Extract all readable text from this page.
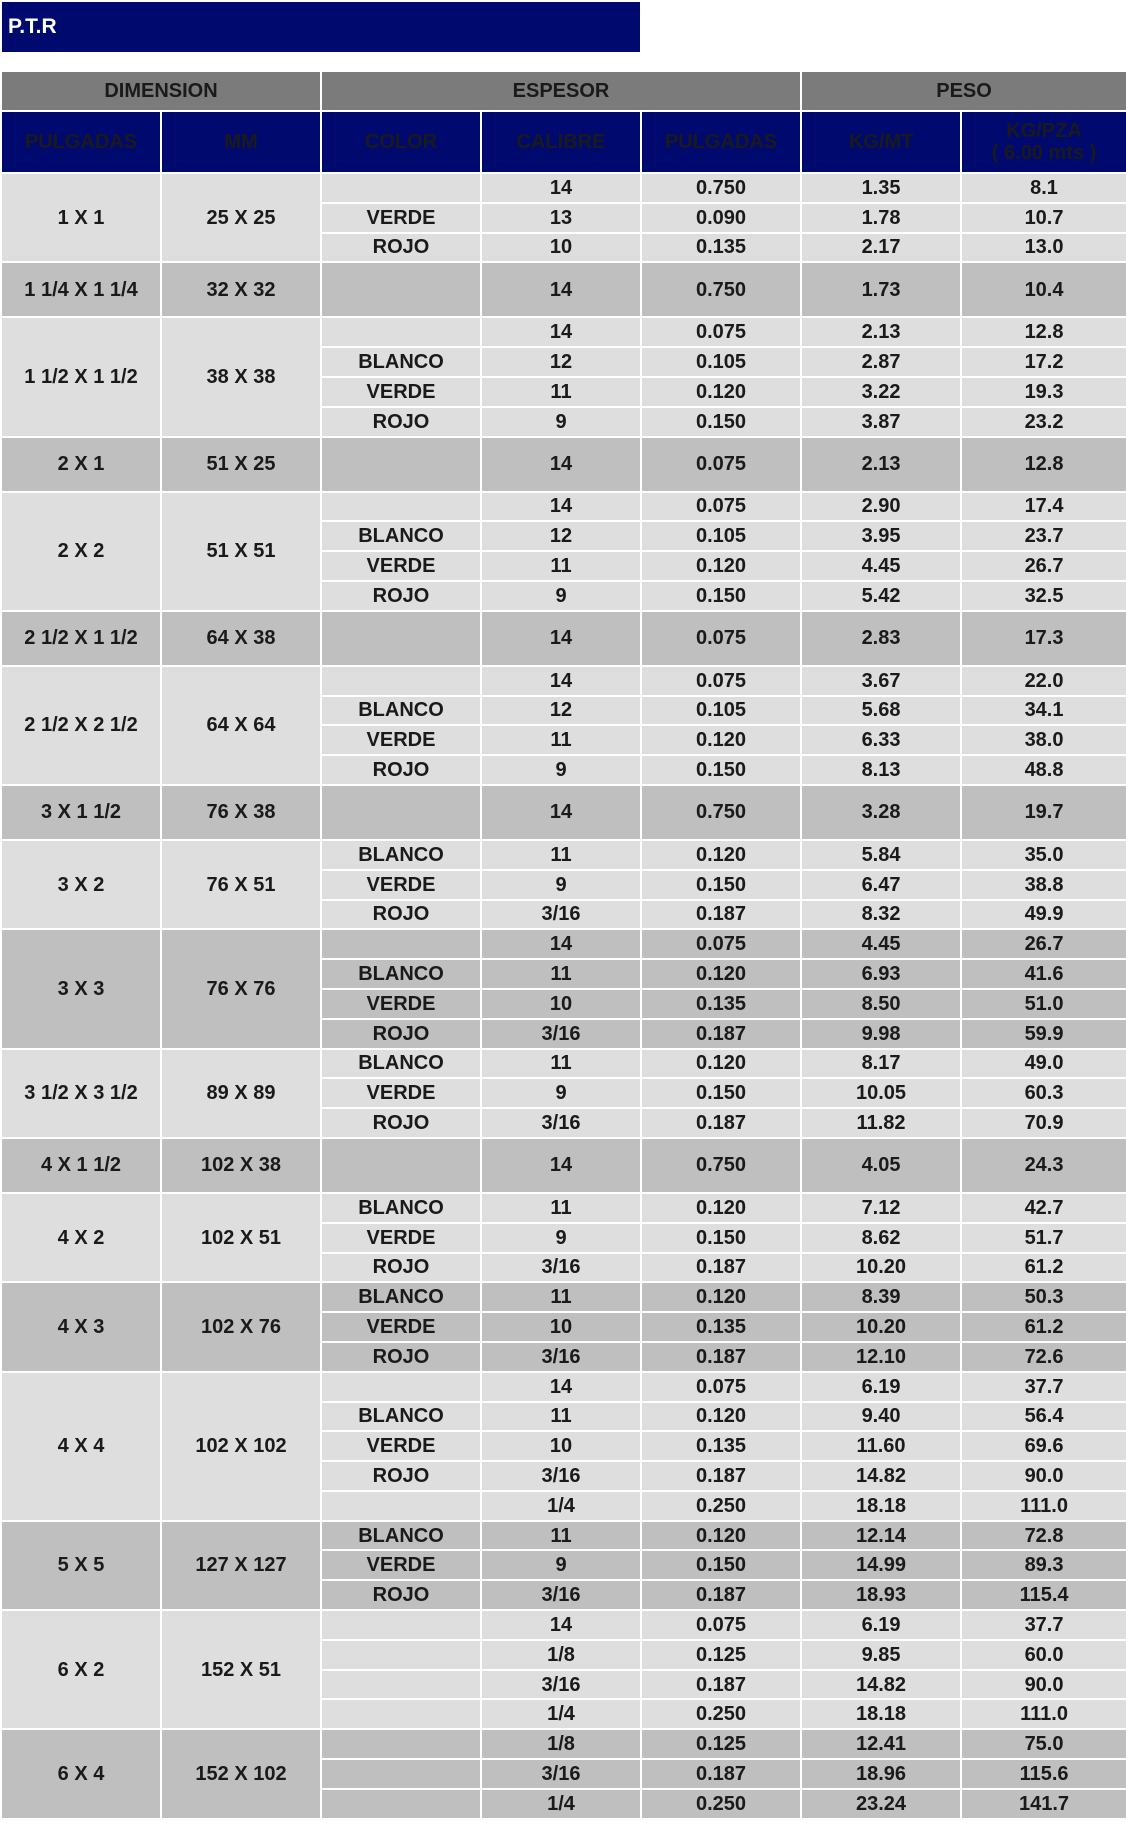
P.T.R
DIMENSION		ESPESOR			PESO	
PULGADAS	MM	COLOR	CALIBRE	PULGADAS	KG/MT	KG/PZA
( 6.00 mts )
1 X 1	25 X 25		14	0.750	1.35	8.1
		VERDE	13	0.090	1.78	10.7
		ROJO	10	0.135	2.17	13.0
1 1/4 X 1 1/4	32 X 32		14	0.750	1.73	10.4
1 1/2 X 1 1/2	38 X 38		14	0.075	2.13	12.8
		BLANCO	12	0.105	2.87	17.2
		VERDE	11	0.120	3.22	19.3
		ROJO	9	0.150	3.87	23.2
2 X 1	51 X 25		14	0.075	2.13	12.8
2 X 2	51 X 51		14	0.075	2.90	17.4
		BLANCO	12	0.105	3.95	23.7
		VERDE	11	0.120	4.45	26.7
		ROJO	9	0.150	5.42	32.5
2 1/2 X 1 1/2	64 X 38		14	0.075	2.83	17.3
2 1/2 X 2 1/2	64 X 64		14	0.075	3.67	22.0
		BLANCO	12	0.105	5.68	34.1
		VERDE	11	0.120	6.33	38.0
		ROJO	9	0.150	8.13	48.8
3 X 1 1/2	76 X 38		14	0.750	3.28	19.7
3 X 2	76 X 51	BLANCO	11	0.120	5.84	35.0
		VERDE	9	0.150	6.47	38.8
		ROJO	3/16	0.187	8.32	49.9
3 X 3	76 X 76		14	0.075	4.45	26.7
		BLANCO	11	0.120	6.93	41.6
		VERDE	10	0.135	8.50	51.0
		ROJO	3/16	0.187	9.98	59.9
3 1/2 X 3 1/2	89 X 89	BLANCO	11	0.120	8.17	49.0
		VERDE	9	0.150	10.05	60.3
		ROJO	3/16	0.187	11.82	70.9
4 X 1 1/2	102 X 38		14	0.750	4.05	24.3
4 X 2	102 X 51	BLANCO	11	0.120	7.12	42.7
		VERDE	9	0.150	8.62	51.7
		ROJO	3/16	0.187	10.20	61.2
4 X 3	102 X 76	BLANCO	11	0.120	8.39	50.3
		VERDE	10	0.135	10.20	61.2
		ROJO	3/16	0.187	12.10	72.6
4 X 4	102 X 102		14	0.075	6.19	37.7
		BLANCO	11	0.120	9.40	56.4
		VERDE	10	0.135	11.60	69.6
		ROJO	3/16	0.187	14.82	90.0
			1/4	0.250	18.18	111.0
5 X 5	127 X 127	BLANCO	11	0.120	12.14	72.8
		VERDE	9	0.150	14.99	89.3
		ROJO	3/16	0.187	18.93	115.4
6 X 2	152 X 51		14	0.075	6.19	37.7
			1/8	0.125	9.85	60.0
			3/16	0.187	14.82	90.0
			1/4	0.250	18.18	111.0
6 X 4	152 X 102		1/8	0.125	12.41	75.0
			3/16	0.187	18.96	115.6
			1/4	0.250	23.24	141.7
